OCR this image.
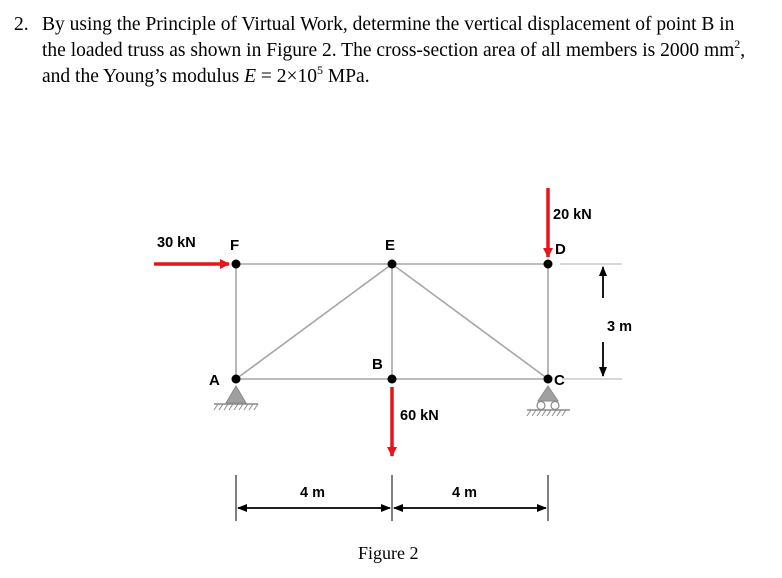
2. By using the Principle of Virtual Work, determine the vertical displacement of point B in
the loaded truss as shown in Figure 2. The cross-section area of all members is 2000 $mm^2$,
and the Young’s modulus $E = 2\times 10^5$ MPa.
F	E	D
A
B
C
30 kN
20 kN
60 kN
4 m	4 m
3 m
Figure 2
